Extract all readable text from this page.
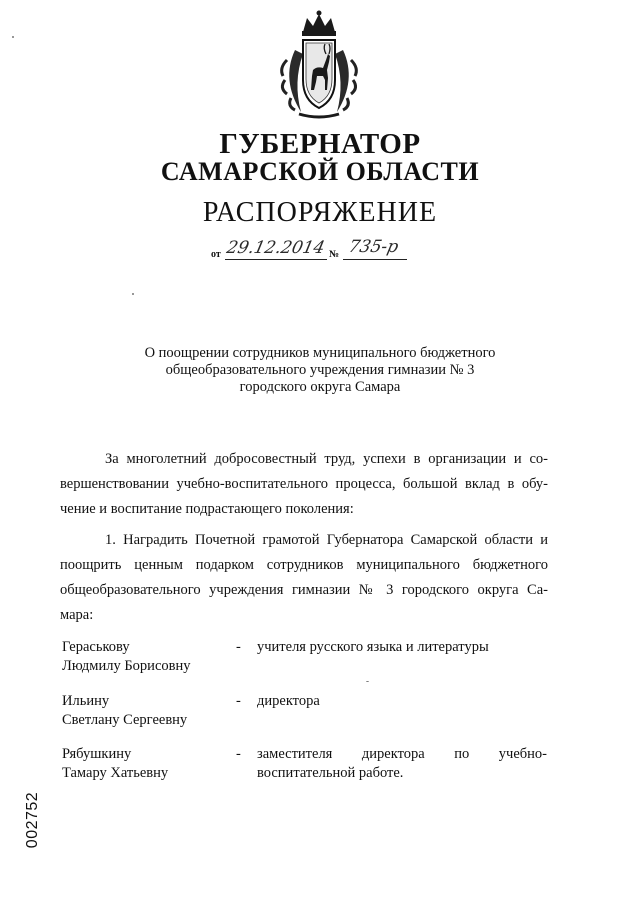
ГУБЕРНАТОР
САМАРСКОЙ ОБЛАСТИ
РАСПОРЯЖЕНИЕ
от 29.12.2014 № 735-р
О поощрении сотрудников муниципального бюджетного
общеобразовательного учреждения гимназии № 3
городского округа Самара
За многолетний добросовестный труд, успехи в организации и со-
вершенствовании учебно-воспитательного процесса, большой вклад в обу-
чение и воспитание подрастающего поколения:
1. Наградить Почетной грамотой Губернатора Самарской области и
поощрить ценным подарком сотрудников муниципального бюджетного
общеобразовательного учреждения гимназии № 3 городского округа Са-
мара:
Гераськову
Людмилу Борисовну
- учителя русского языка и литературы
Ильину
Светлану Сергеевну
- директора
Рябушкину
Тамару Хатьевну
- заместителя директора по учебно-
воспитательной работе.
002752
